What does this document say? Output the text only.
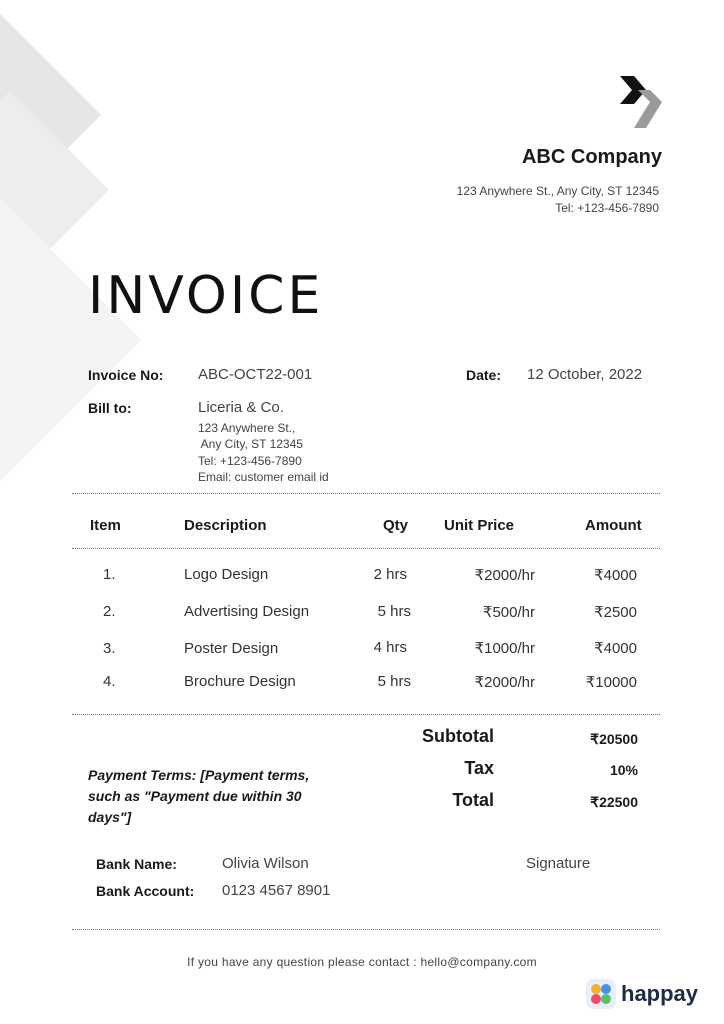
ABC Company
123 Anywhere St., Any City, ST 12345
Tel: +123-456-7890
INVOICE
Invoice No: ABC-OCT22-001	Date: 12 October, 2022
Bill to:	Liceria & Co.
123 Anywhere St.,
Any City, ST 12345
Tel: +123-456-7890
Email: customer email id
Item	Description	Qty Unit Price	Amount
1.	Logo Design	2 hrs	₹2000/hr	₹4000
2.	Advertising Design	5 hrs	₹500/hr	₹2500
3.	Poster Design	4 hrs	₹1000/hr	₹4000
4.	Brochure Design	5 hrs	₹2000/hr	₹10000
Subtotal	₹20500
Tax	10%
Total	₹22500
Payment Terms: [Payment terms, such as "Payment due within 30 days"]
Bank Name:	Olivia Wilson
Bank Account: 0123 4567 8901
Signature
If you have any question please contact : hello@company.com
happay
